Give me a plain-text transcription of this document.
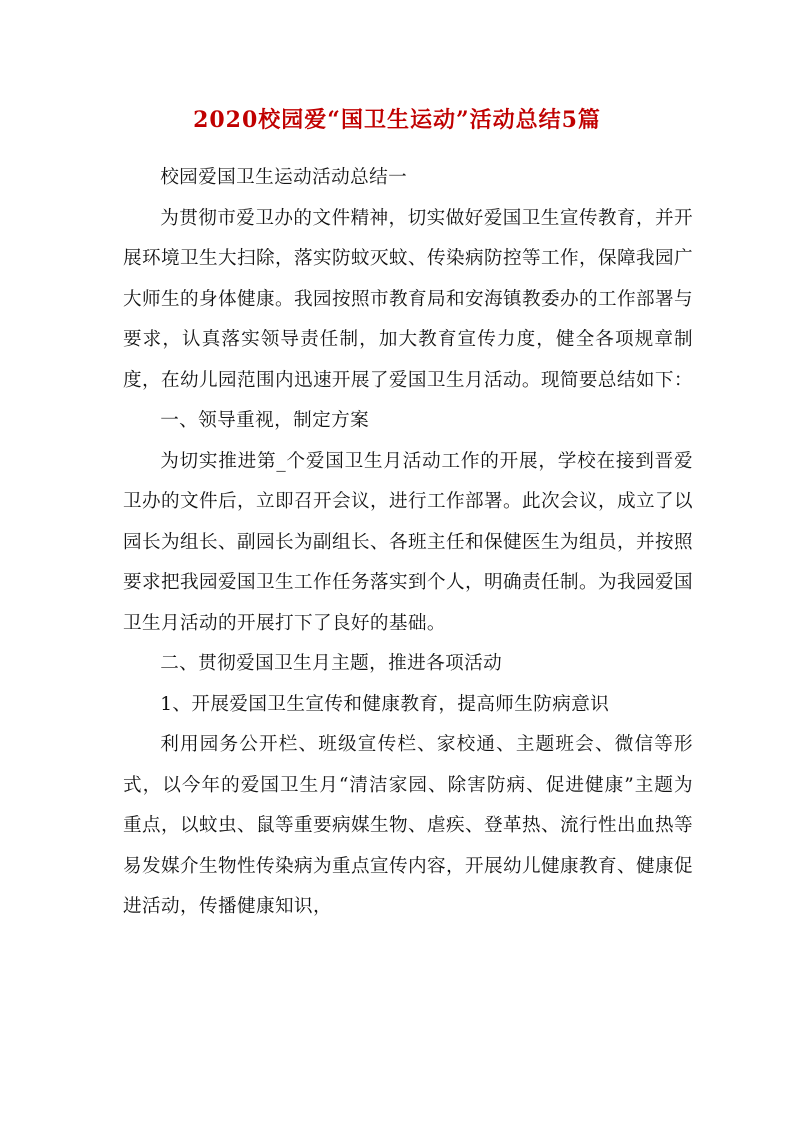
2020校园爱“国卫生运动”活动总结5篇

校园爱国卫生运动活动总结一

为贯彻市爱卫办的文件精神，切实做好爱国卫生宣传教育，并开展环境卫生大扫除，落实防蚊灭蚊、传染病防控等工作，保障我园广大师生的身体健康。我园按照市教育局和安海镇教委办的工作部署与要求，认真落实领导责任制，加大教育宣传力度，健全各项规章制度，在幼儿园范围内迅速开展了爱国卫生月活动。现简要总结如下：

一、领导重视，制定方案

为切实推进第_个爱国卫生月活动工作的开展，学校在接到晋爱卫办的文件后，立即召开会议，进行工作部署。此次会议，成立了以园长为组长、副园长为副组长、各班主任和保健医生为组员，并按照要求把我园爱国卫生工作任务落实到个人，明确责任制。为我园爱国卫生月活动的开展打下了良好的基础。

二、贯彻爱国卫生月主题，推进各项活动

1、开展爱国卫生宣传和健康教育，提高师生防病意识

利用园务公开栏、班级宣传栏、家校通、主题班会、微信等形式，以今年的爱国卫生月“清洁家园、除害防病、促进健康”主题为重点，以蚊虫、鼠等重要病媒生物、虐疾、登革热、流行性出血热等易发媒介生物性传染病为重点宣传内容，开展幼儿健康教育、健康促进活动，传播健康知识，
